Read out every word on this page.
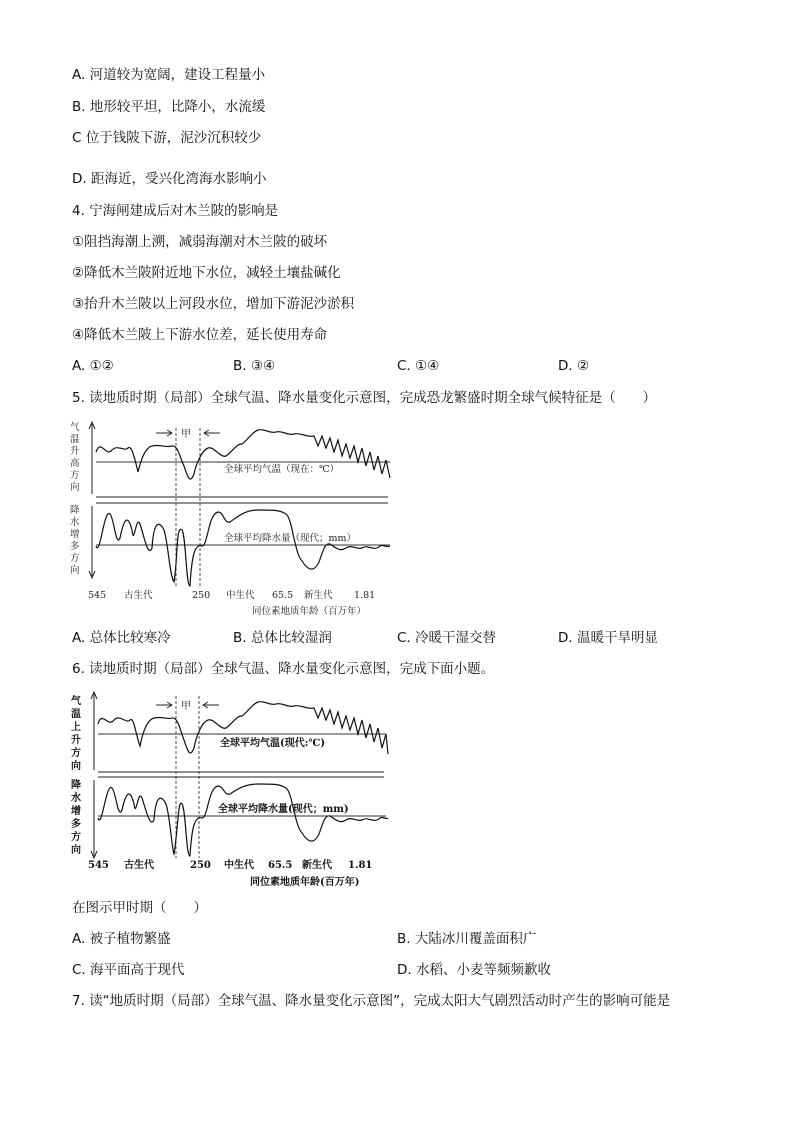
A. 河道较为宽阔，建设工程量小
B. 地形较平坦，比降小，水流缓
C 位于钱陂下游，泥沙沉积较少
D. 距海近，受兴化湾海水影响小
4. 宁海闸建成后对木兰陂的影响是
①阻挡海潮上溯，减弱海潮对木兰陂的破坏
②降低木兰陂附近地下水位，减轻土壤盐碱化
③抬升木兰陂以上河段水位，增加下游泥沙淤积
④降低木兰陂上下游水位差，延长使用寿命
A. ①②	B. ③④	C. ①④	D. ②
5. 读地质时期（局部）全球气温、降水量变化示意图，完成恐龙繁盛时期全球气候特征是（　　）
气
温
升
高
方
向
降
水
增
多
方
向
甲
全球平均气温（现在：℃）
全球平均降水量（现代；mm）
545 古生代	250 中生代 65.5 新生代 1.81
同位素地质年龄（百万年）
A. 总体比较寒冷	B. 总体比较湿润	C. 冷暖干湿交替	D. 温暖干旱明显
6. 读地质时期（局部）全球气温、降水量变化示意图，完成下面小题。
气
温
上
升
方
向
降
水
增
多
方
向
甲
全球平均气温(现代:℃)
全球平均降水量(现代；mm)
545 古生代	250 中生代 65.5 新生代 1.81
同位素地质年龄(百万年)
在图示甲时期（　　）
A. 被子植物繁盛	B. 大陆冰川覆盖面积广
C. 海平面高于现代	D. 水稻、小麦等频频歉收
7. 读“地质时期（局部）全球气温、降水量变化示意图”，完成太阳大气剧烈活动时产生的影响可能是
